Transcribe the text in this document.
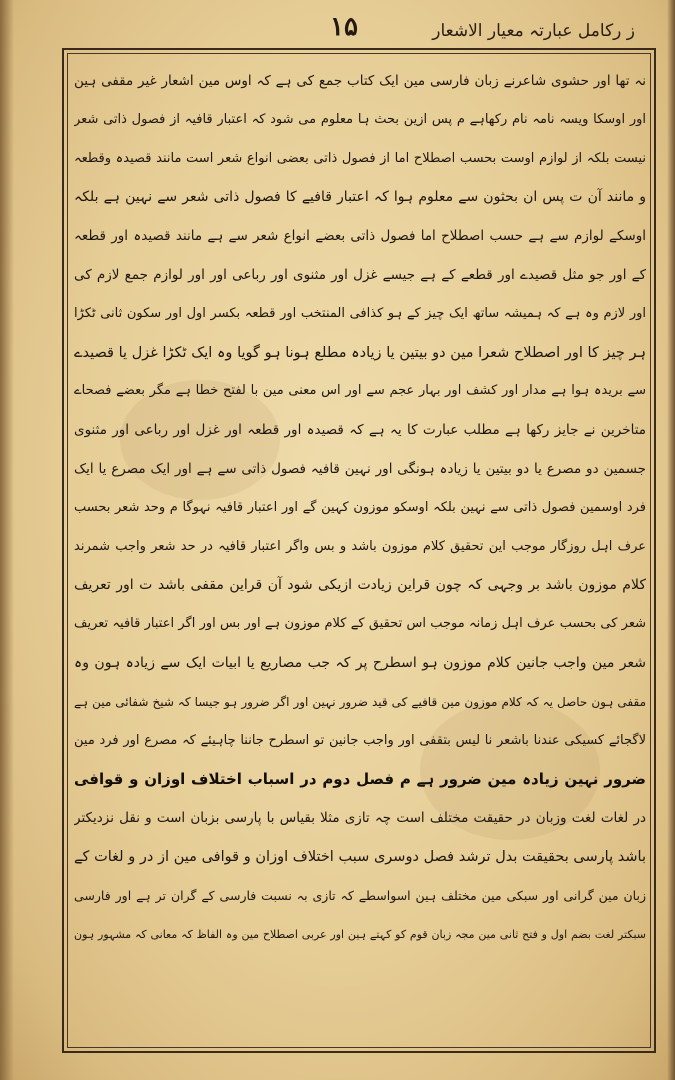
ز رکامل عبارتہ معیار الاشعار
۱۵
نہ تھا اور حشوی شاعرنے زبان فارسی مین ایک کتاب جمع کی ہے کہ اوس مین اشعار غیر مقفی ہین
اور اوسکا ویسہ نامہ نام رکھاہے م پس ازین بحث ہا معلوم می شود کہ اعتبار قافیہ از فصول ذاتی شعر
نیست بلکہ از لوازم اوست بحسب اصطلاح اما از فصول ذاتی بعضی انواع شعر است مانند قصیدہ وقطعہ
و مانند آن ت پس ان بحثون سے معلوم ہوا کہ اعتبار قافیے کا فصول ذاتی شعر سے نہین ہے بلکہ
اوسکے لوازم سے ہے حسب اصطلاح اما فصول ذاتی بعضے انواع شعر سے ہے مانند قصیدہ اور قطعہ
کے اور جو مثل قصیدے اور قطعے کے ہے جیسے غزل اور مثنوی اور رباعی اور اور لوازم جمع لازم کی
اور لازم وہ ہے کہ ہمیشہ ساتھ ایک چیز کے ہو کذافی المنتخب اور قطعہ بکسر اول اور سکون ثانی ٹکڑا
ہر چیز کا اور اصطلاح شعرا مین دو بیتین یا زیادہ مطلع ہونا ہو گویا وہ ایک ٹکڑا غزل یا قصیدے
سے بریدہ ہوا ہے مدار اور کشف اور بہار عجم سے اور اس معنی مین با لفتح خطا ہے مگر بعضے فصحاے
متاخرین نے جایز رکھا ہے مطلب عبارت کا یہ ہے کہ قصیدہ اور قطعہ اور غزل اور رباعی اور مثنوی
جسمین دو مصرع یا دو بیتین یا زیادہ ہونگی اور نہین قافیہ فصول ذاتی سے ہے اور ایک مصرع یا ایک
فرد اوسمین فصول ذاتی سے نہین بلکہ اوسکو موزون کہین گے اور اعتبار قافیہ نہوگا م وحد شعر بحسب
عرف اہل روزگار موجب این تحقیق کلام موزون باشد و بس واگر اعتبار قافیہ در حد شعر واجب شمرند
کلام موزون باشد بر وجہی کہ چون قراین زیادت ازیکی شود آن قراین مقفی باشد ت اور تعریف
شعر کی بحسب عرف اہل زمانہ موجب اس تحقیق کے کلام موزون ہے اور بس اور اگر اعتبار قافیہ تعریف
شعر مین واجب جانین کلام موزون ہو اسطرح پر کہ جب مصاریع یا ابیات ایک سے زیادہ ہون وہ
مقفی ہون حاصل یہ کہ کلام موزون مین قافیے کی قید ضرور نہین اور اگر ضرور ہو جیسا کہ شیخ شفائی مین ہے
لاگجائے کسیکی عندنا باشعر نا لیس بتقفی اور واجب جانین تو اسطرح جاننا چاہیئے کہ مصرع اور فرد مین
ضرور نہین زیادہ مین ضرور ہے م فصل دوم در اسباب اختلاف اوزان و قوافی
در لغات لغت وزبان در حقیقت مختلف است چہ تازی مثلا بقیاس با پارسی بزبان است و نقل نزدیکتر
باشد پارسی بحقیقت بدل ترشد فصل دوسری سبب اختلاف اوزان و قوافی مین از در و لغات کے
زبان مین گرانی اور سبکی مین مختلف ہین اسواسطے کہ تازی بہ نسبت فارسی کے گران تر ہے اور فارسی
سبکتر لغت بضم اول و فتح ثانی مین مجہ زبان قوم کو کہتے ہین اور عربی اصطلاح مین وہ الفاظ کہ معانی کہ مشہور ہون
